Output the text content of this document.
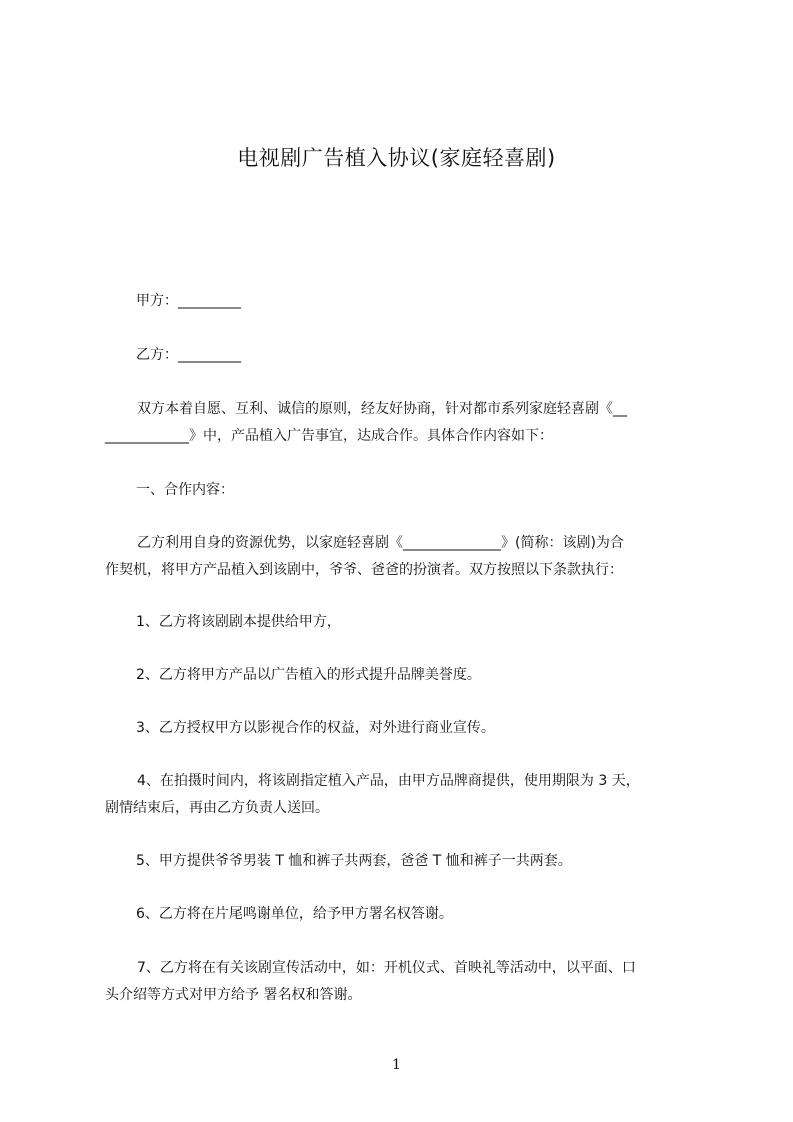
电视剧广告植入协议(家庭轻喜剧)
甲方：_________
乙方：_________
双方本着自愿、互利、诚信的原则，经友好协商，针对都市系列家庭轻喜剧《__
____________》中，产品植入广告事宜，达成合作。具体合作内容如下：
一、合作内容：
乙方利用自身的资源优势，以家庭轻喜剧《______________》(简称：该剧)为合
作契机，将甲方产品植入到该剧中，爷爷、爸爸的扮演者。双方按照以下条款执行：
1、乙方将该剧剧本提供给甲方，
2、乙方将甲方产品以广告植入的形式提升品牌美誉度。
3、乙方授权甲方以影视合作的权益，对外进行商业宣传。
4、在拍摄时间内，将该剧指定植入产品，由甲方品牌商提供，使用期限为 3 天，
剧情结束后，再由乙方负责人送回。
5、甲方提供爷爷男装 T 恤和裤子共两套，爸爸 T 恤和裤子一共两套。
6、乙方将在片尾鸣谢单位，给予甲方署名权答谢。
7、乙方将在有关该剧宣传活动中，如：开机仪式、首映礼等活动中，以平面、口
头介绍等方式对甲方给予 署名权和答谢。
1
